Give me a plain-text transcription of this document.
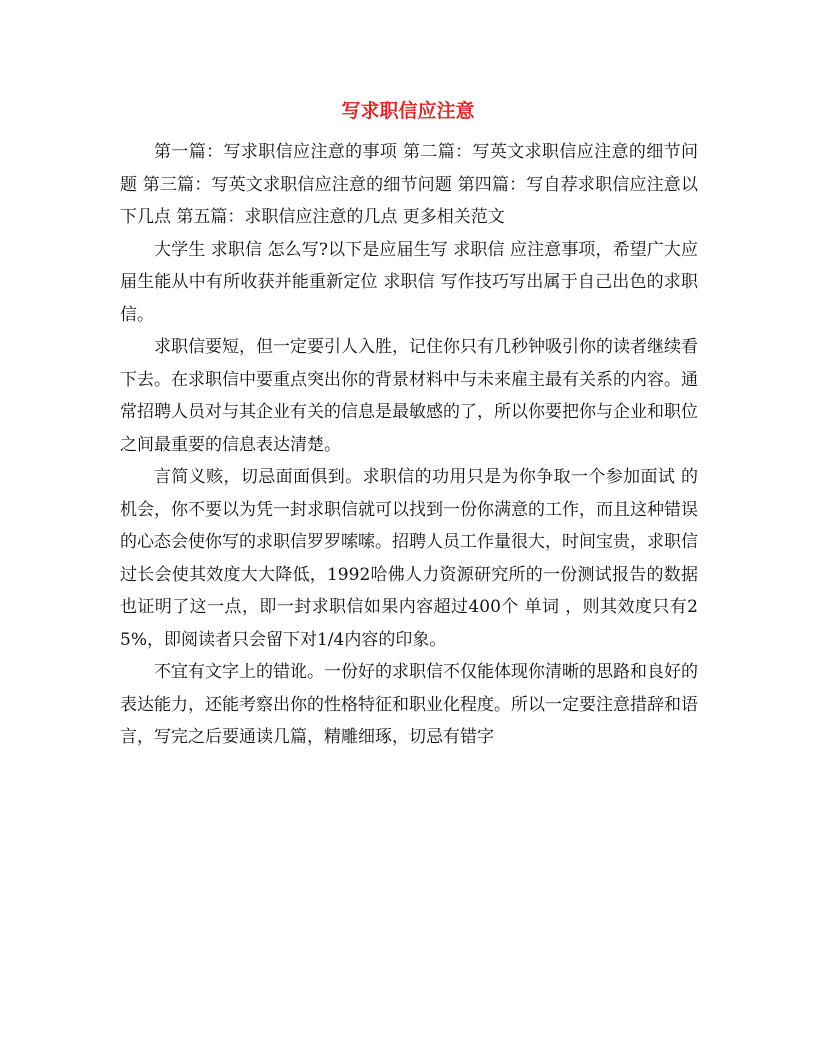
写求职信应注意

第一篇：写求职信应注意的事项 第二篇：写英文求职信应注意的细节问题 第三篇：写英文求职信应注意的细节问题 第四篇：写自荐求职信应注意以下几点 第五篇：求职信应注意的几点 更多相关范文

大学生 求职信 怎么写?以下是应届生写 求职信 应注意事项，希望广大应届生能从中有所收获并能重新定位 求职信 写作技巧写出属于自己出色的求职信。

求职信要短，但一定要引人入胜，记住你只有几秒钟吸引你的读者继续看下去。在求职信中要重点突出你的背景材料中与未来雇主最有关系的内容。通常招聘人员对与其企业有关的信息是最敏感的了，所以你要把你与企业和职位之间最重要的信息表达清楚。

言简义赅，切忌面面俱到。求职信的功用只是为你争取一个参加面试 的机会，你不要以为凭一封求职信就可以找到一份你满意的工作，而且这种错误的心态会使你写的求职信罗罗嗦嗦。招聘人员工作量很大，时间宝贵，求职信过长会使其效度大大降低，1992哈佛人力资源研究所的一份测试报告的数据也证明了这一点，即一封求职信如果内容超过400个 单词 ，则其效度只有25%，即阅读者只会留下对1/4内容的印象。

不宜有文字上的错讹。一份好的求职信不仅能体现你清晰的思路和良好的表达能力，还能考察出你的性格特征和职业化程度。所以一定要注意措辞和语言，写完之后要通读几篇，精雕细琢，切忌有错字
